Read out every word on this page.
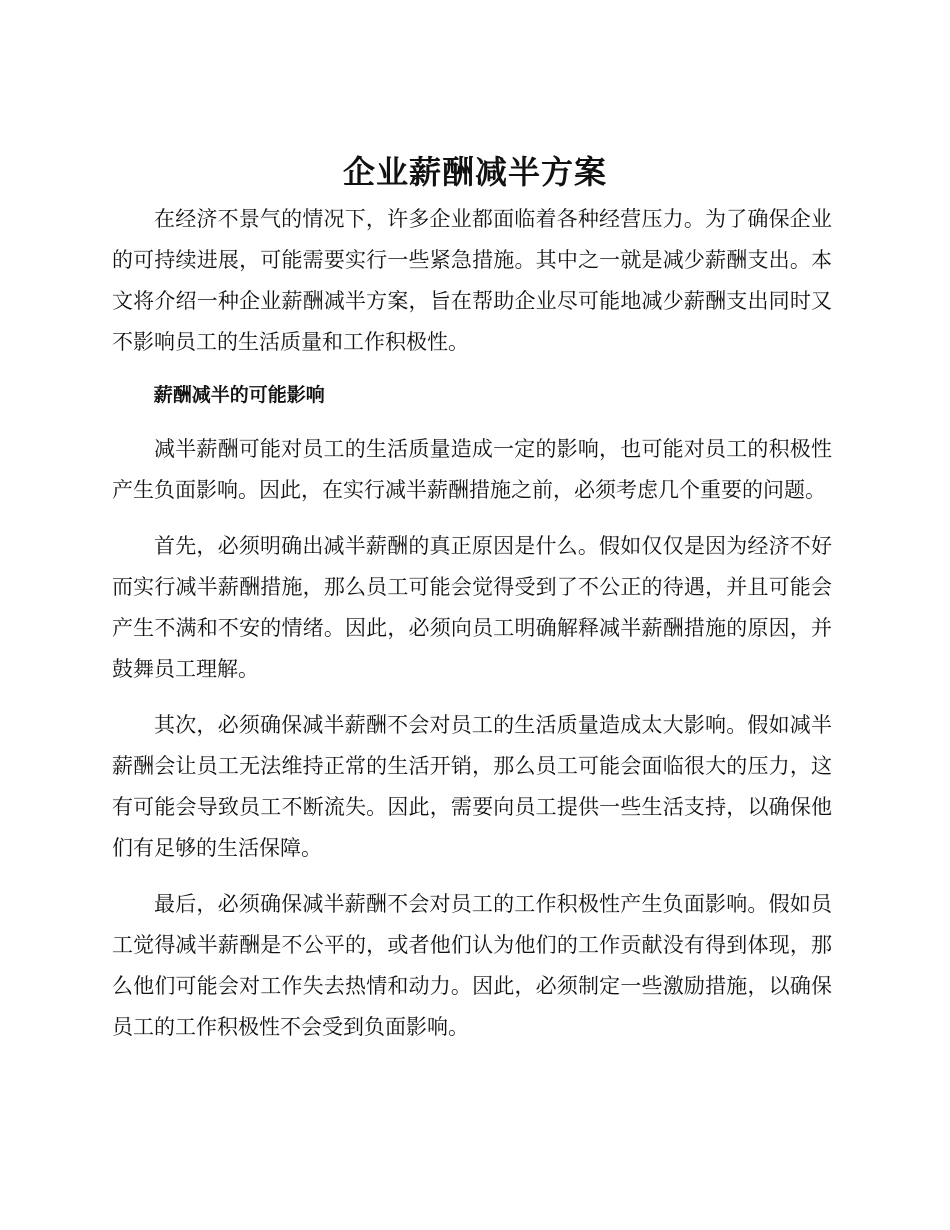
企业薪酬减半方案

在经济不景气的情况下，许多企业都面临着各种经营压力。为了确保企业的可持续进展，可能需要实行一些紧急措施。其中之一就是减少薪酬支出。本文将介绍一种企业薪酬减半方案，旨在帮助企业尽可能地减少薪酬支出同时又不影响员工的生活质量和工作积极性。

薪酬减半的可能影响

减半薪酬可能对员工的生活质量造成一定的影响，也可能对员工的积极性产生负面影响。因此，在实行减半薪酬措施之前，必须考虑几个重要的问题。

首先，必须明确出减半薪酬的真正原因是什么。假如仅仅是因为经济不好而实行减半薪酬措施，那么员工可能会觉得受到了不公正的待遇，并且可能会产生不满和不安的情绪。因此，必须向员工明确解释减半薪酬措施的原因，并鼓舞员工理解。

其次，必须确保减半薪酬不会对员工的生活质量造成太大影响。假如减半薪酬会让员工无法维持正常的生活开销，那么员工可能会面临很大的压力，这有可能会导致员工不断流失。因此，需要向员工提供一些生活支持，以确保他们有足够的生活保障。

最后，必须确保减半薪酬不会对员工的工作积极性产生负面影响。假如员工觉得减半薪酬是不公平的，或者他们认为他们的工作贡献没有得到体现，那么他们可能会对工作失去热情和动力。因此，必须制定一些激励措施，以确保员工的工作积极性不会受到负面影响。
